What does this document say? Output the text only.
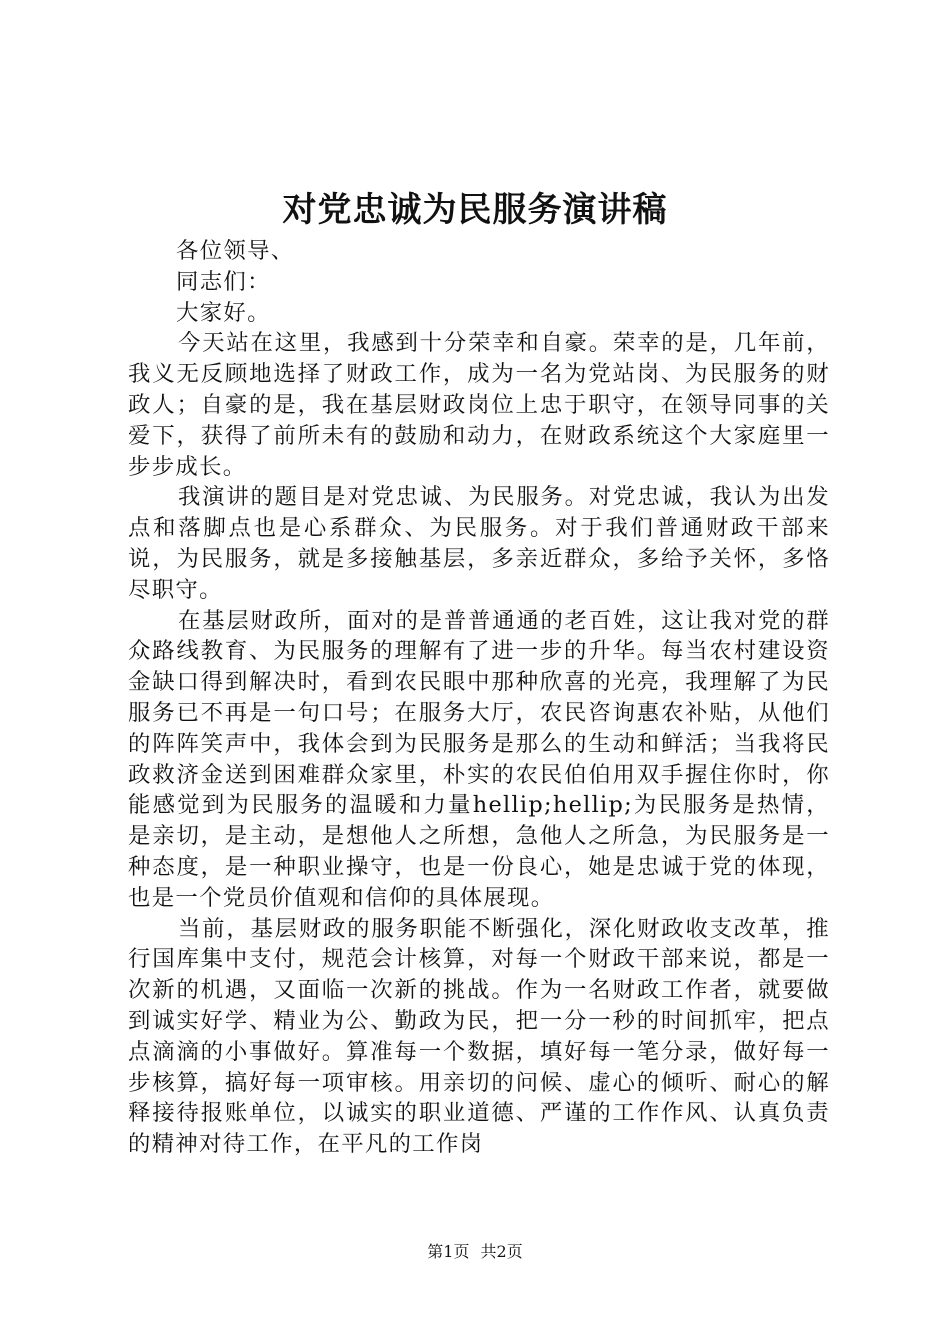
对党忠诚为民服务演讲稿

各位领导、

同志们：

大家好。

今天站在这里，我感到十分荣幸和自豪。荣幸的是，几年前，我义无反顾地选择了财政工作，成为一名为党站岗、为民服务的财政人；自豪的是，我在基层财政岗位上忠于职守，在领导同事的关爱下，获得了前所未有的鼓励和动力，在财政系统这个大家庭里一步步成长。

我演讲的题目是对党忠诚、为民服务。对党忠诚，我认为出发点和落脚点也是心系群众、为民服务。对于我们普通财政干部来说，为民服务，就是多接触基层，多亲近群众，多给予关怀，多恪尽职守。

在基层财政所，面对的是普普通通的老百姓，这让我对党的群众路线教育、为民服务的理解有了进一步的升华。每当农村建设资金缺口得到解决时，看到农民眼中那种欣喜的光亮，我理解了为民服务已不再是一句口号；在服务大厅，农民咨询惠农补贴，从他们的阵阵笑声中，我体会到为民服务是那么的生动和鲜活；当我将民政救济金送到困难群众家里，朴实的农民伯伯用双手握住你时，你能感觉到为民服务的温暖和力量hellip;hellip;为民服务是热情，是亲切，是主动，是想他人之所想，急他人之所急，为民服务是一种态度，是一种职业操守，也是一份良心，她是忠诚于党的体现，也是一个党员价值观和信仰的具体展现。

当前，基层财政的服务职能不断强化，深化财政收支改革，推行国库集中支付，规范会计核算，对每一个财政干部来说，都是一次新的机遇，又面临一次新的挑战。作为一名财政工作者，就要做到诚实好学、精业为公、勤政为民，把一分一秒的时间抓牢，把点点滴滴的小事做好。算准每一个数据，填好每一笔分录，做好每一步核算，搞好每一项审核。用亲切的问候、虚心的倾听、耐心的解释接待报账单位，以诚实的职业道德、严谨的工作作风、认真负责的精神对待工作，在平凡的工作岗

第1页 共2页
